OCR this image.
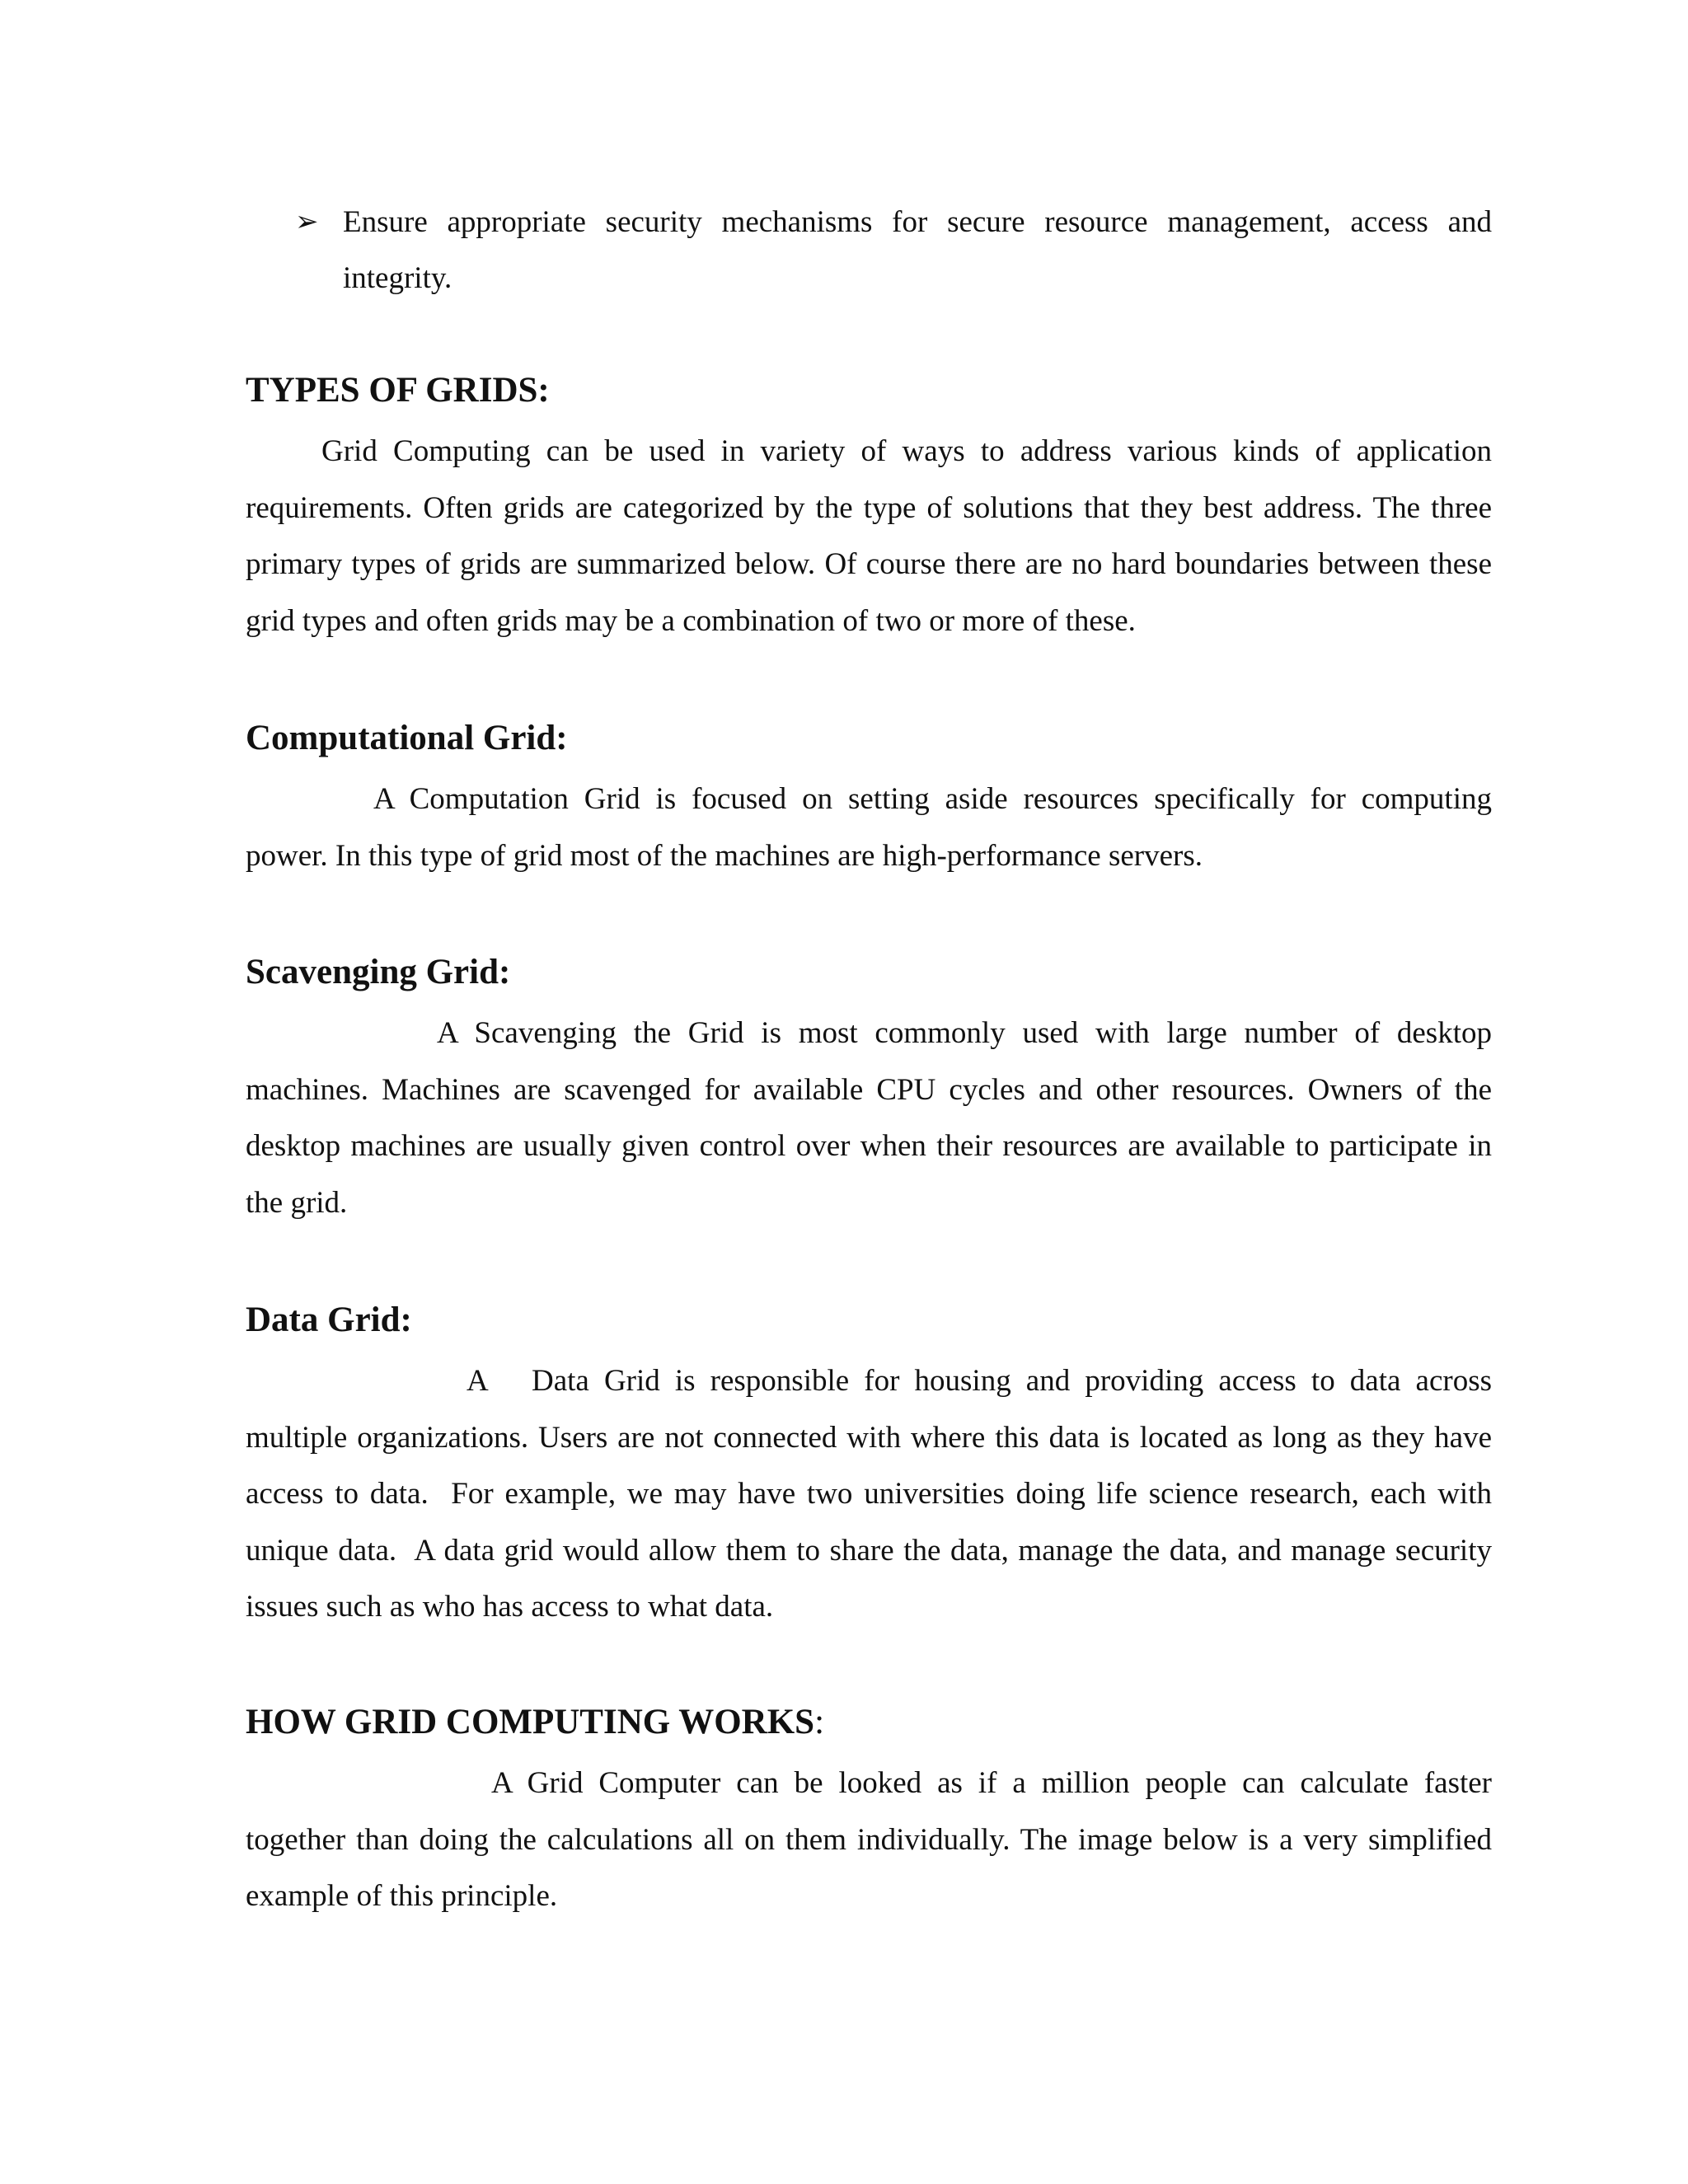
➢ Ensure appropriate security mechanisms for secure resource management, access and integrity.
TYPES OF GRIDS:

Grid Computing can be used in variety of ways to address various kinds of application requirements. Often grids are categorized by the type of solutions that they best address. The three primary types of grids are summarized below. Of course there are no hard boundaries between these grid types and often grids may be a combination of two or more of these.

Computational Grid:

A Computation Grid is focused on setting aside resources specifically for computing power. In this type of grid most of the machines are high-performance servers.

Scavenging Grid:

A Scavenging the Grid is most commonly used with large number of desktop machines. Machines are scavenged for available CPU cycles and other resources. Owners of the desktop machines are usually given control over when their resources are available to participate in the grid.

Data Grid:

A   Data Grid is responsible for housing and providing access to data across multiple organizations. Users are not connected with where this data is located as long as they have access to data.  For example, we may have two universities doing life science research, each with unique data.  A data grid would allow them to share the data, manage the data, and manage security issues such as who has access to what data.

HOW GRID COMPUTING WORKS:

A Grid Computer can be looked as if a million people can calculate faster together than doing the calculations all on them individually. The image below is a very simplified example of this principle.
